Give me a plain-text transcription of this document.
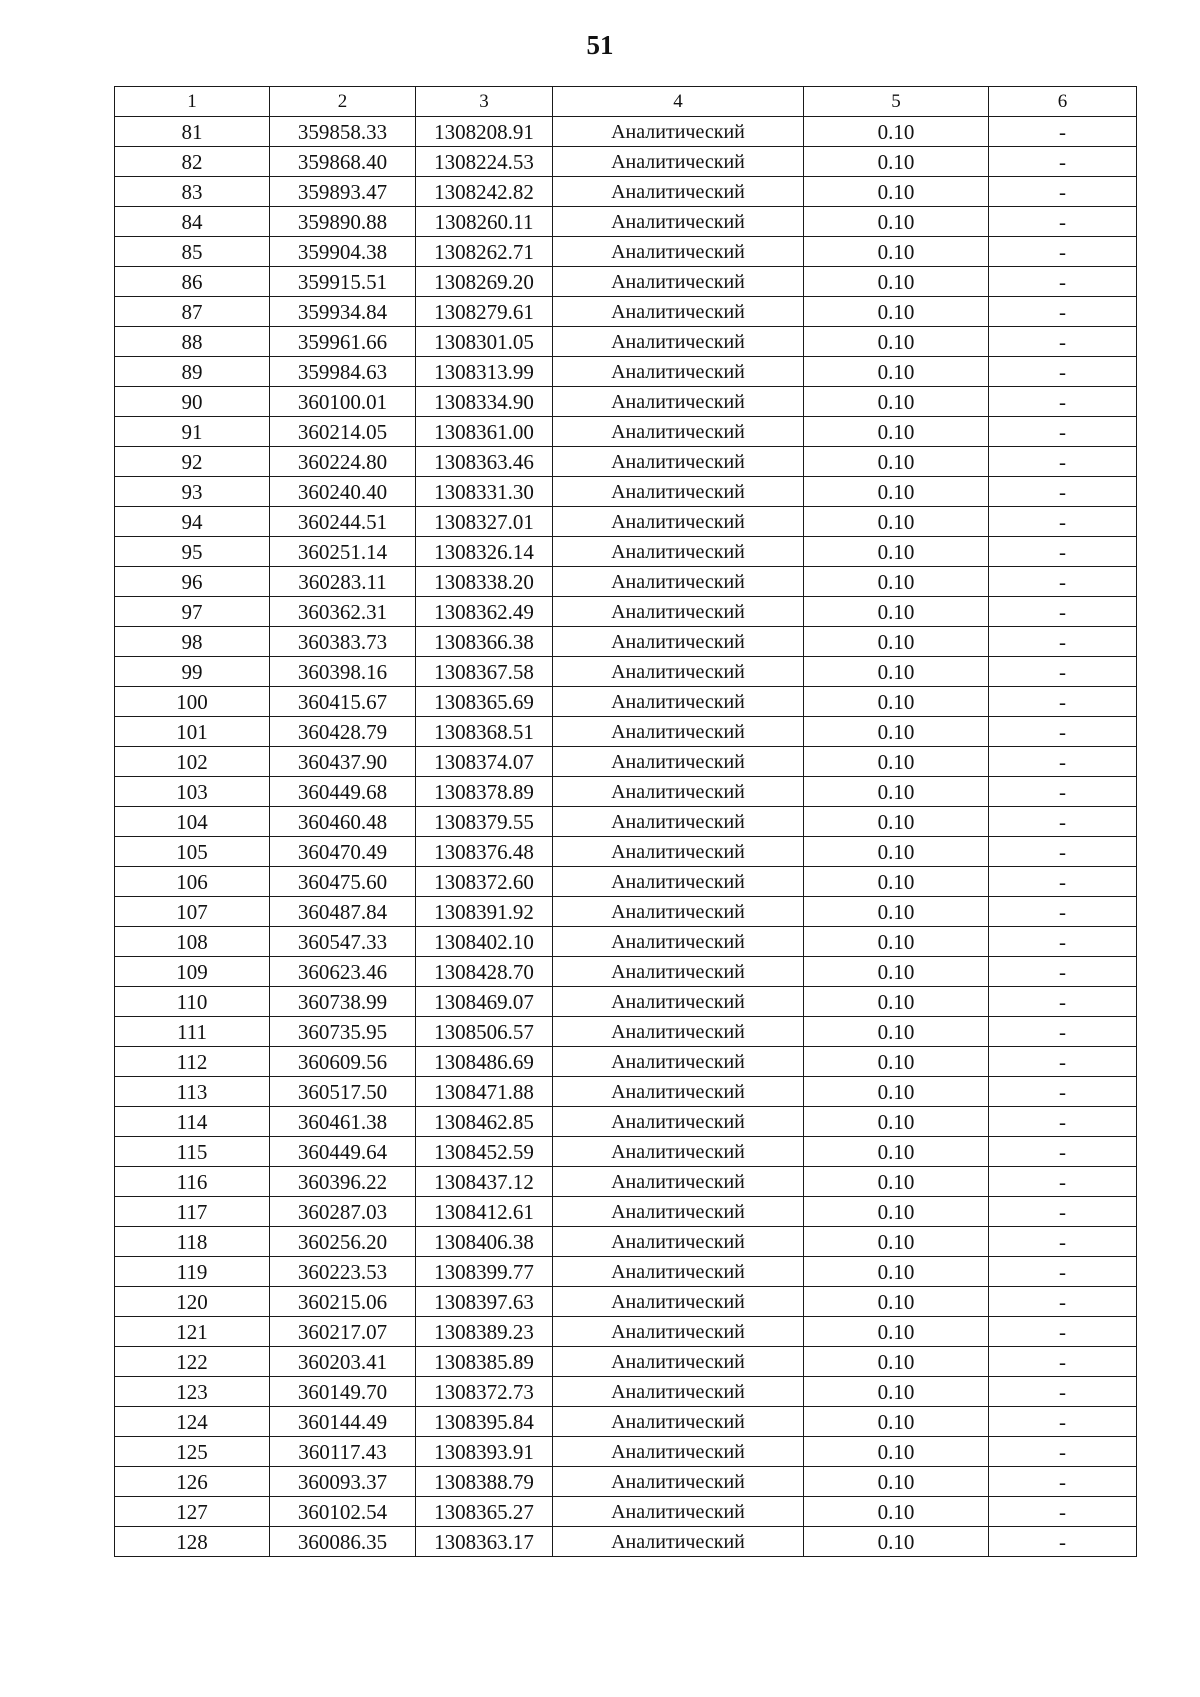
51
1	2	3	4	5	6
81	359858.33	1308208.91	Аналитический	0.10	-
82	359868.40	1308224.53	Аналитический	0.10	-
83	359893.47	1308242.82	Аналитический	0.10	-
84	359890.88	1308260.11	Аналитический	0.10	-
85	359904.38	1308262.71	Аналитический	0.10	-
86	359915.51	1308269.20	Аналитический	0.10	-
87	359934.84	1308279.61	Аналитический	0.10	-
88	359961.66	1308301.05	Аналитический	0.10	-
89	359984.63	1308313.99	Аналитический	0.10	-
90	360100.01	1308334.90	Аналитический	0.10	-
91	360214.05	1308361.00	Аналитический	0.10	-
92	360224.80	1308363.46	Аналитический	0.10	-
93	360240.40	1308331.30	Аналитический	0.10	-
94	360244.51	1308327.01	Аналитический	0.10	-
95	360251.14	1308326.14	Аналитический	0.10	-
96	360283.11	1308338.20	Аналитический	0.10	-
97	360362.31	1308362.49	Аналитический	0.10	-
98	360383.73	1308366.38	Аналитический	0.10	-
99	360398.16	1308367.58	Аналитический	0.10	-
100	360415.67	1308365.69	Аналитический	0.10	-
101	360428.79	1308368.51	Аналитический	0.10	-
102	360437.90	1308374.07	Аналитический	0.10	-
103	360449.68	1308378.89	Аналитический	0.10	-
104	360460.48	1308379.55	Аналитический	0.10	-
105	360470.49	1308376.48	Аналитический	0.10	-
106	360475.60	1308372.60	Аналитический	0.10	-
107	360487.84	1308391.92	Аналитический	0.10	-
108	360547.33	1308402.10	Аналитический	0.10	-
109	360623.46	1308428.70	Аналитический	0.10	-
110	360738.99	1308469.07	Аналитический	0.10	-
111	360735.95	1308506.57	Аналитический	0.10	-
112	360609.56	1308486.69	Аналитический	0.10	-
113	360517.50	1308471.88	Аналитический	0.10	-
114	360461.38	1308462.85	Аналитический	0.10	-
115	360449.64	1308452.59	Аналитический	0.10	-
116	360396.22	1308437.12	Аналитический	0.10	-
117	360287.03	1308412.61	Аналитический	0.10	-
118	360256.20	1308406.38	Аналитический	0.10	-
119	360223.53	1308399.77	Аналитический	0.10	-
120	360215.06	1308397.63	Аналитический	0.10	-
121	360217.07	1308389.23	Аналитический	0.10	-
122	360203.41	1308385.89	Аналитический	0.10	-
123	360149.70	1308372.73	Аналитический	0.10	-
124	360144.49	1308395.84	Аналитический	0.10	-
125	360117.43	1308393.91	Аналитический	0.10	-
126	360093.37	1308388.79	Аналитический	0.10	-
127	360102.54	1308365.27	Аналитический	0.10	-
128	360086.35	1308363.17	Аналитический	0.10	-
